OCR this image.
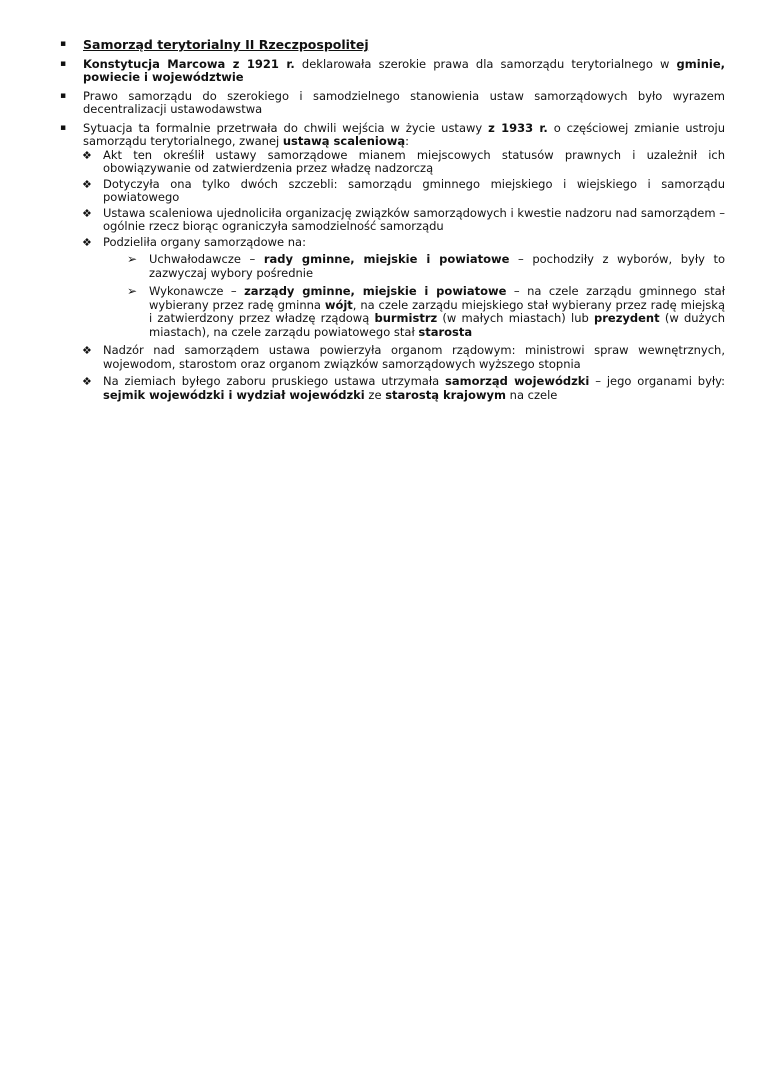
▪ Samorząd terytorialny II Rzeczpospolitej
▪ Konstytucja Marcowa z 1921 r. deklarowała szerokie prawa dla samorządu terytorialnego w gminie, powiecie i województwie
▪ Prawo samorządu do szerokiego i samodzielnego stanowienia ustaw samorządowych było wyrazem decentralizacji ustawodawstwa
▪ Sytuacja ta formalnie przetrwała do chwili wejścia w życie ustawy z 1933 r. o częściowej zmianie ustroju samorządu terytorialnego, zwanej ustawą scaleniową:
❖ Akt ten określił ustawy samorządowe mianem miejscowych statusów prawnych i uzależnił ich obowiązywanie od zatwierdzenia przez władzę nadzorczą
❖ Dotyczyła ona tylko dwóch szczebli: samorządu gminnego miejskiego i wiejskiego i samorządu powiatowego
❖ Ustawa scaleniowa ujednoliciła organizację związków samorządowych i kwestie nadzoru nad samorządem – ogólnie rzecz biorąc ograniczyła samodzielność samorządu
❖ Podzieliła organy samorządowe na:
➢ Uchwałodawcze – rady gminne, miejskie i powiatowe – pochodziły z wyborów, były to zazwyczaj wybory pośrednie
➢ Wykonawcze – zarządy gminne, miejskie i powiatowe – na czele zarządu gminnego stał wybierany przez radę gminna wójt, na czele zarządu miejskiego stał wybierany przez radę miejską i zatwierdzony przez władzę rządową burmistrz (w małych miastach) lub prezydent (w dużych miastach), na czele zarządu powiatowego stał starosta
❖ Nadzór nad samorządem ustawa powierzyła organom rządowym: ministrowi spraw wewnętrznych, wojewodom, starostom oraz organom związków samorządowych wyższego stopnia
❖ Na ziemiach byłego zaboru pruskiego ustawa utrzymała samorząd wojewódzki – jego organami były: sejmik wojewódzki i wydział wojewódzki ze starostą krajowym na czele
